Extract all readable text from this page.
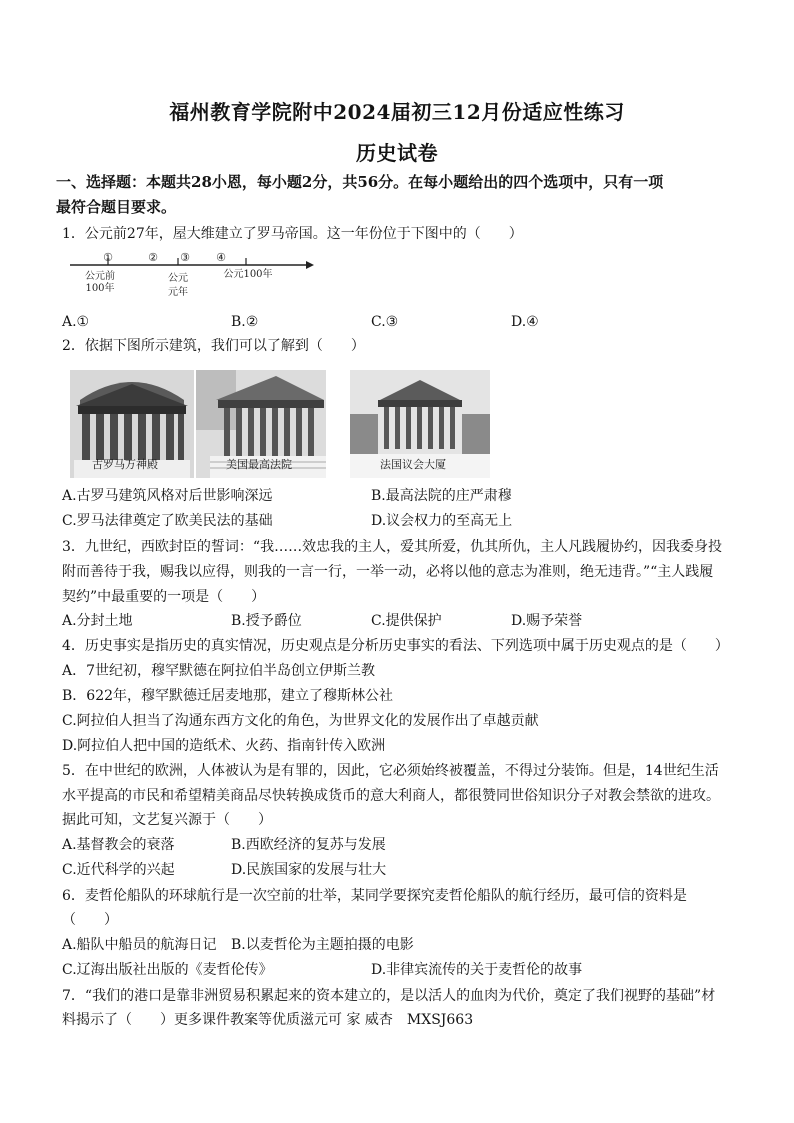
福州教育学院附中2024届初三12月份适应性练习
历史试卷
一、选择题：本题共28小恩，每小题2分，共56分。在每小题给出的四个选项中，只有一项
最符合题目要求。
1．公元前27年，屋大维建立了罗马帝国。这一年份位于下图中的（　　）
①	② ③ ④
公元前
100年
公元
元年
公元100年
A.①	B.②	C.③	D.④
2．依据下图所示建筑，我们可以了解到（　　）
古罗马万神殿	美国最高法院	法国议会大厦
A.古罗马建筑风格对后世影响深远	B.最高法院的庄严肃穆
C.罗马法律奠定了欧美民法的基础	D.议会权力的至高无上
3．九世纪，西欧封臣的誓词：“我……效忠我的主人，爱其所爱，仇其所仇，主人凡践履协约，因我委身投
附而善待于我，赐我以应得，则我的一言一行，一举一动，必将以他的意志为准则，绝无违背。”“主人践履
契约”中最重要的一项是（　　）
A.分封土地	B.授予爵位	C.提供保护	D.赐予荣誉
4．历史事实是指历史的真实情况，历史观点是分析历史事实的看法、下列选项中属于历史观点的是（　　）
A．7世纪初，穆罕默德在阿拉伯半岛创立伊斯兰教
B．622年，穆罕默德迁居麦地那，建立了穆斯林公社
C.阿拉伯人担当了沟通东西方文化的角色，为世界文化的发展作出了卓越贡献
D.阿拉伯人把中国的造纸术、火药、指南针传入欧洲
5．在中世纪的欧洲，人体被认为是有罪的，因此，它必须始终被覆盖，不得过分装饰。但是，14世纪生活
水平提高的市民和希望精美商品尽快转换成货币的意大利商人，都很赞同世俗知识分子对教会禁欲的进攻。
据此可知，文艺复兴源于（　　）
A.基督教会的衰落	B.西欧经济的复苏与发展
C.近代科学的兴起	D.民族国家的发展与壮大
6．麦哲伦船队的环球航行是一次空前的壮举，某同学要探究麦哲伦船队的航行经历，最可信的资料是
（　　）
A.船队中船员的航海日记 B.以麦哲伦为主题拍摄的电影
C.辽海出版社出版的《麦哲伦传》	D.非律宾流传的关于麦哲伦的故事
7．“我们的港口是靠非洲贸易积累起来的资本建立的，是以活人的血肉为代价，奠定了我们视野的基础”材
料揭示了（　　）更多课件教案等优质滋元可 家 威杏　MXSJ663
